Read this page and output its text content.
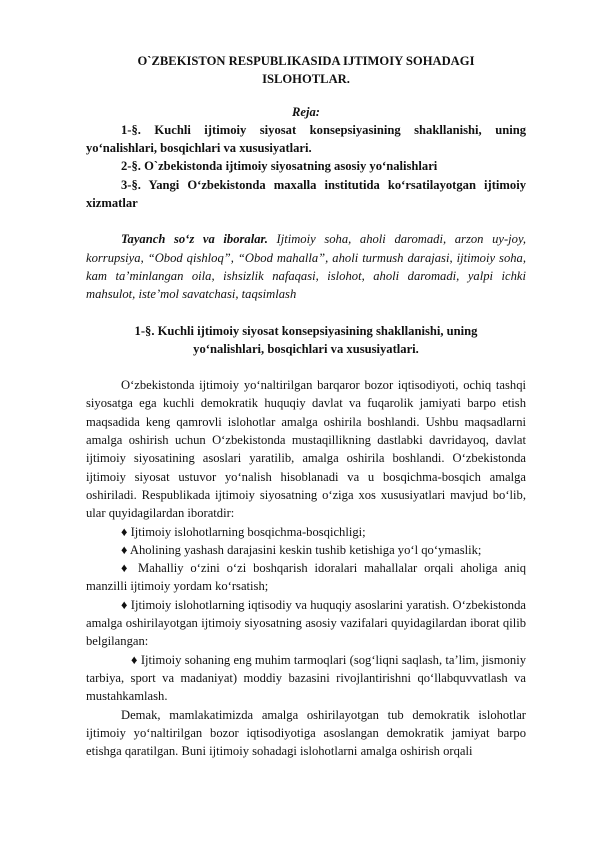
O`ZBEKISTON RESPUBLIKASIDA IJTIMOIY SOHADAGI
ISLOHOTLAR.
Reja:
1-§. Kuchli ijtimoiy siyosat konsepsiyasining shakllanishi, uning yo‘nalishlari, bosqichlari va xususiyatlari.
2-§. O`zbekistonda ijtimoiy siyosatning asosiy yo‘nalishlari
3-§. Yangi O‘zbekistonda maxalla institutida ko‘rsatilayotgan ijtimoiy xizmatlar

Tayanch so‘z va iboralar. Ijtimoiy soha, aholi daromadi, arzon uy-joy, korrupsiya, “Obod qishloq”, “Obod mahalla”, aholi turmush darajasi, ijtimoiy soha, kam ta’minlangan oila, ishsizlik nafaqasi, islohot, aholi daromadi, yalpi ichki mahsulot, iste’mol savatchasi, taqsimlash

1-§. Kuchli ijtimoiy siyosat konsepsiyasining shakllanishi, uning
yo‘nalishlari, bosqichlari va xususiyatlari.

O‘zbekistonda ijtimoiy yo‘naltirilgan barqaror bozor iqtisodiyoti, ochiq tashqi siyosatga ega kuchli demokratik huquqiy davlat va fuqarolik jamiyati barpo etish maqsadida keng qamrovli islohotlar amalga oshirila boshlandi. Ushbu maqsadlarni amalga oshirish uchun O‘zbekistonda mustaqillikning dastlabki davridayoq, davlat ijtimoiy siyosatining asoslari yaratilib, amalga oshirila boshlandi. O‘zbekistonda ijtimoiy siyosat ustuvor yo‘nalish hisoblanadi va u bosqichma-bosqich amalga oshiriladi. Respublikada ijtimoiy siyosatning o‘ziga xos xususiyatlari mavjud bo‘lib, ular quyidagilardan iboratdir:

♦ Ijtimoiy islohotlarning bosqichma-bosqichligi;

♦ Aholining yashash darajasini keskin tushib ketishiga yo‘l qo‘ymaslik;

♦ Mahalliy o‘zini o‘zi boshqarish idoralari mahallalar orqali aholiga aniq manzilli ijtimoiy yordam ko‘rsatish;

♦ Ijtimoiy islohotlarning iqtisodiy va huquqiy asoslarini yaratish. O‘zbekistonda amalga oshirilayotgan ijtimoiy siyosatning asosiy vazifalari quyidagilardan iborat qilib belgilangan:

♦ Ijtimoiy sohaning eng muhim tarmoqlari (sog‘liqni saqlash, ta’lim, jismoniy tarbiya, sport va madaniyat) moddiy bazasini rivojlantirishni qo‘llabquvvatlash va mustahkamlash.

Demak, mamlakatimizda amalga oshirilayotgan tub demokratik islohotlar ijtimoiy yo‘naltirilgan bozor iqtisodiyotiga asoslangan demokratik jamiyat barpo etishga qaratilgan. Buni ijtimoiy sohadagi islohotlarni amalga oshirish orqali
